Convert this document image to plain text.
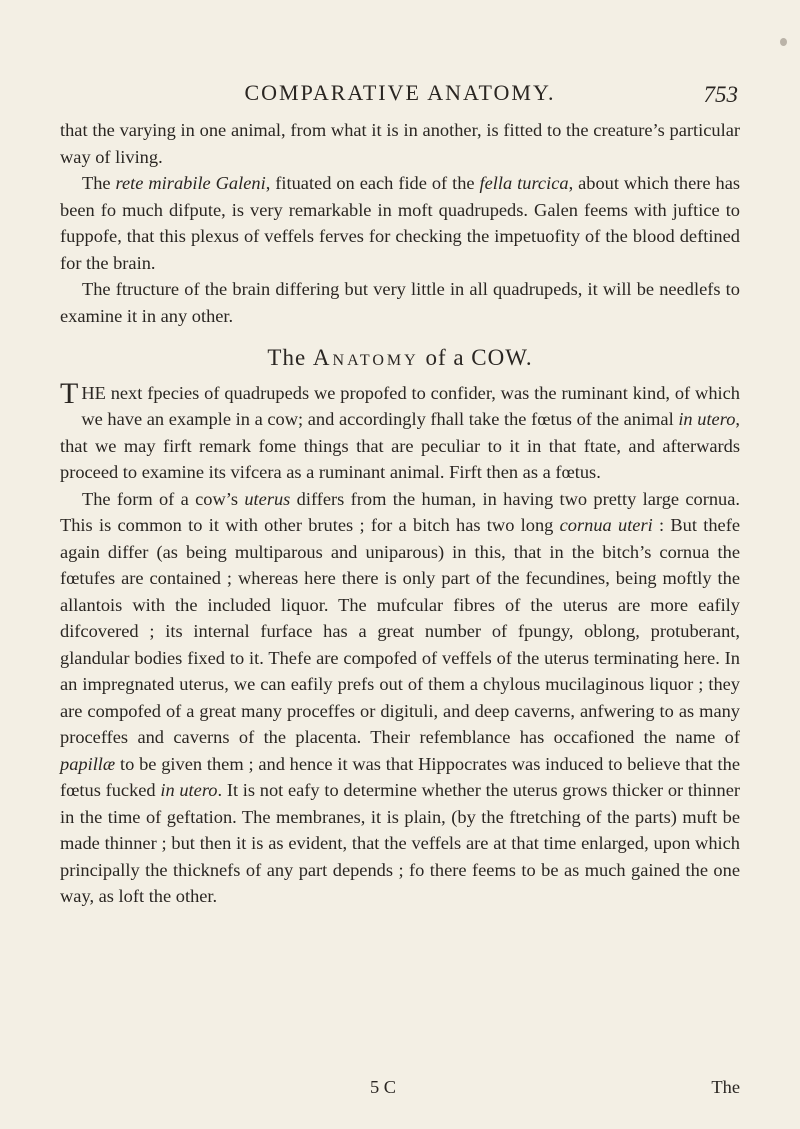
COMPARATIVE ANATOMY.	753

that the varying in one animal, from what it is in another, is fitted to the creature’s particular way of living.

The rete mirabile Galeni, fituated on each fide of the fella turcica, about which there has been fo much difpute, is very remarkable in moft quadrupeds. Galen feems with juftice to fuppofe, that this plexus of veffels ferves for checking the impetuofity of the blood deftined for the brain.

The ftructure of the brain differing but very little in all quadrupeds, it will be needlefs to examine it in any other.

The Anatomy of a COW.

THE next fpecies of quadrupeds we propofed to confider, was the ruminant kind, of which we have an example in a cow; and accordingly fhall take the fœtus of the animal in utero, that we may firft remark fome things that are peculiar to it in that ftate, and afterwards proceed to examine its vifcera as a ruminant animal. Firft then as a fœtus.

The form of a cow’s uterus differs from the human, in having two pretty large cornua. This is common to it with other brutes ; for a bitch has two long cornua uteri : But thefe again differ (as being multiparous and uniparous) in this, that in the bitch’s cornua the fœtufes are contained ; whereas here there is only part of the fecundines, being moftly the allantois with the included liquor. The mufcular fibres of the uterus are more eafily difcovered ; its internal furface has a great number of fpungy, oblong, protuberant, glandular bodies fixed to it. Thefe are compofed of veffels of the uterus terminating here. In an impregnated uterus, we can eafily prefs out of them a chylous mucilaginous liquor ; they are compofed of a great many proceffes or digituli, and deep caverns, anfwering to as many proceffes and caverns of the placenta. Their refemblance has occafioned the name of papillæ to be given them ; and hence it was that Hippocrates was induced to believe that the fœtus fucked in utero. It is not eafy to determine whether the uterus grows thicker or thinner in the time of geftation. The membranes, it is plain, (by the ftretching of the parts) muft be made thinner ; but then it is as evident, that the veffels are at that time enlarged, upon which principally the thicknefs of any part depends ; fo there feems to be as much gained the one way, as loft the other.

5 C	The
